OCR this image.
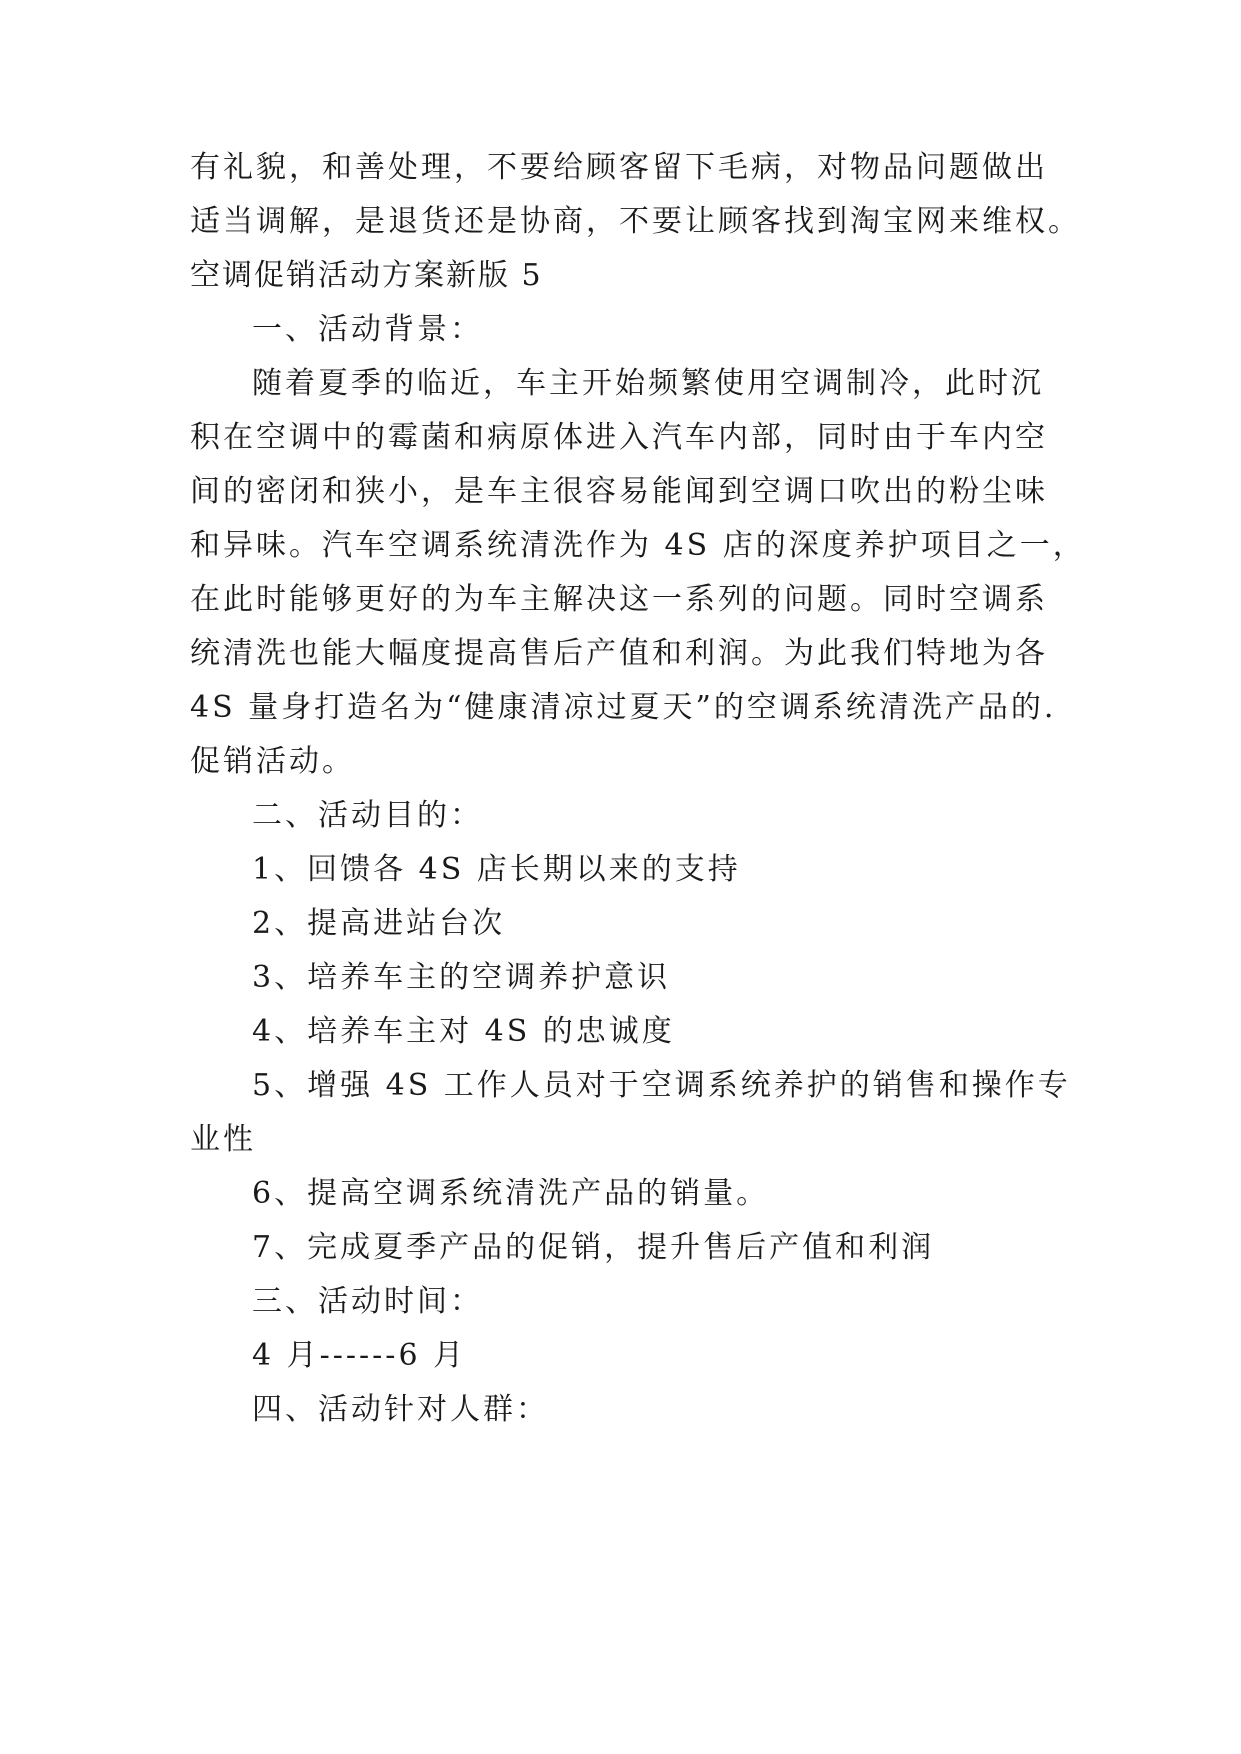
有礼貌，和善处理，不要给顾客留下毛病，对物品问题做出
适当调解，是退货还是协商，不要让顾客找到淘宝网来维权。
空调促销活动方案新版 5
一、活动背景：
随着夏季的临近，车主开始频繁使用空调制冷，此时沉
积在空调中的霉菌和病原体进入汽车内部，同时由于车内空
间的密闭和狭小，是车主很容易能闻到空调口吹出的粉尘味
和异味。汽车空调系统清洗作为 4S 店的深度养护项目之一，
在此时能够更好的为车主解决这一系列的问题。同时空调系
统清洗也能大幅度提高售后产值和利润。为此我们特地为各
4S 量身打造名为“健康清凉过夏天”的空调系统清洗产品的.
促销活动。
二、活动目的：
1、回馈各 4S 店长期以来的支持
2、提高进站台次
3、培养车主的空调养护意识
4、培养车主对 4S 的忠诚度
5、增强 4S 工作人员对于空调系统养护的销售和操作专
业性
6、提高空调系统清洗产品的销量。
7、完成夏季产品的促销，提升售后产值和利润
三、活动时间：
4 月------6 月
四、活动针对人群：
